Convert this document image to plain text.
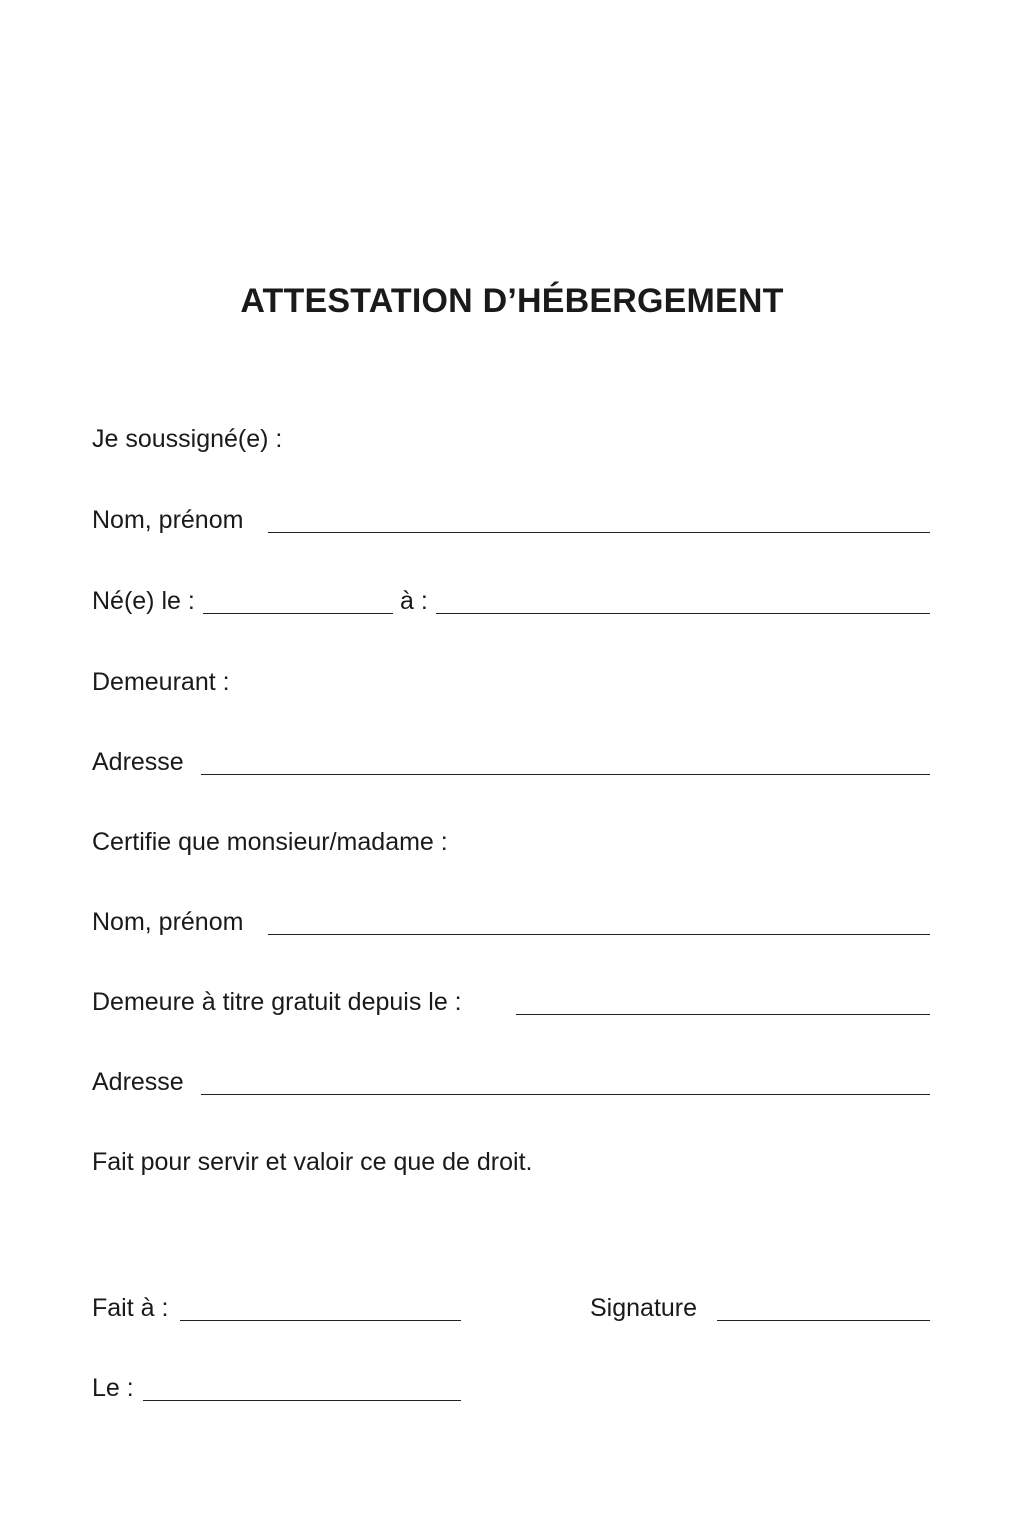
ATTESTATION D’HÉBERGEMENT
Je soussigné(e) :
Nom, prénom
Né(e) le :	à :
Demeurant :
Adresse
Certifie que monsieur/madame :
Nom, prénom
Demeure à titre gratuit depuis le :
Adresse
Fait pour servir et valoir ce que de droit.
Fait à :	Signature
Le :
